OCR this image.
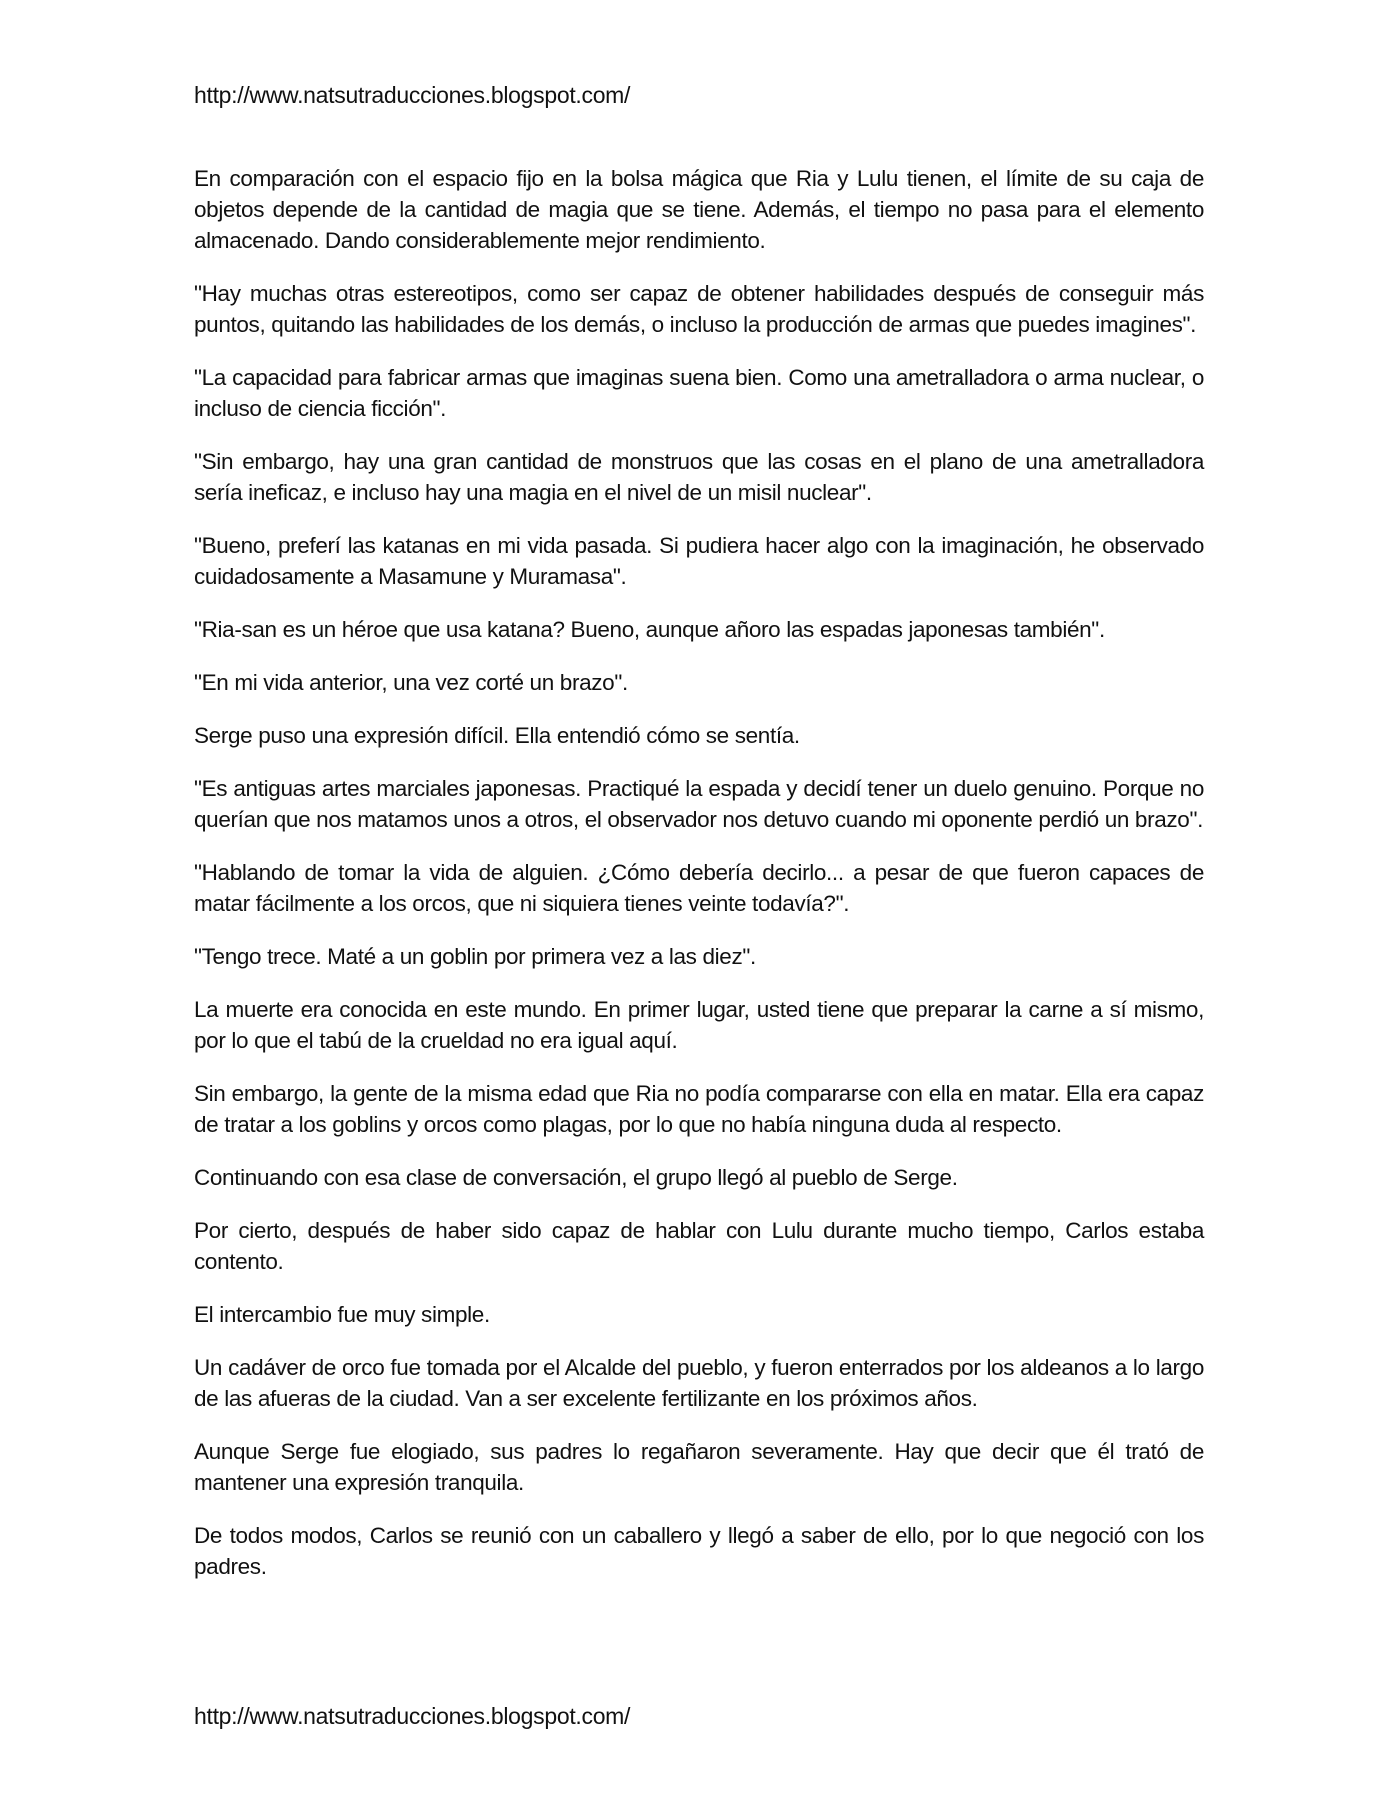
http://www.natsutraducciones.blogspot.com/

En comparación con el espacio fijo en la bolsa mágica que Ria y Lulu tienen, el límite de su caja de objetos depende de la cantidad de magia que se tiene. Además, el tiempo no pasa para el elemento almacenado. Dando considerablemente mejor rendimiento.

"Hay muchas otras estereotipos, como ser capaz de obtener habilidades después de conseguir más puntos, quitando las habilidades de los demás, o incluso la producción de armas que puedes imagines".

"La capacidad para fabricar armas que imaginas suena bien. Como una ametralladora o arma nuclear, o incluso de ciencia ficción".

"Sin embargo, hay una gran cantidad de monstruos que las cosas en el plano de una ametralladora sería ineficaz, e incluso hay una magia en el nivel de un misil nuclear".

"Bueno, preferí las katanas en mi vida pasada. Si pudiera hacer algo con la imaginación, he observado cuidadosamente a Masamune y Muramasa".

"Ria-san es un héroe que usa katana? Bueno, aunque añoro las espadas japonesas también".

"En mi vida anterior, una vez corté un brazo".

Serge puso una expresión difícil. Ella entendió cómo se sentía.

"Es antiguas artes marciales japonesas. Practiqué la espada y decidí tener un duelo genuino. Porque no querían que nos matamos unos a otros, el observador nos detuvo cuando mi oponente perdió un brazo".

"Hablando de tomar la vida de alguien. ¿Cómo debería decirlo... a pesar de que fueron capaces de matar fácilmente a los orcos, que ni siquiera tienes veinte todavía?".

"Tengo trece. Maté a un goblin por primera vez a las diez".

La muerte era conocida en este mundo. En primer lugar, usted tiene que preparar la carne a sí mismo, por lo que el tabú de la crueldad no era igual aquí.

Sin embargo, la gente de la misma edad que Ria no podía compararse con ella en matar. Ella era capaz de tratar a los goblins y orcos como plagas, por lo que no había ninguna duda al respecto.

Continuando con esa clase de conversación, el grupo llegó al pueblo de Serge.

Por cierto, después de haber sido capaz de hablar con Lulu durante mucho tiempo, Carlos estaba contento.

El intercambio fue muy simple.

Un cadáver de orco fue tomada por el Alcalde del pueblo, y fueron enterrados por los aldeanos a lo largo de las afueras de la ciudad. Van a ser excelente fertilizante en los próximos años.

Aunque Serge fue elogiado, sus padres lo regañaron severamente. Hay que decir que él trató de mantener una expresión tranquila.

De todos modos, Carlos se reunió con un caballero y llegó a saber de ello, por lo que negoció con los padres.

http://www.natsutraducciones.blogspot.com/
